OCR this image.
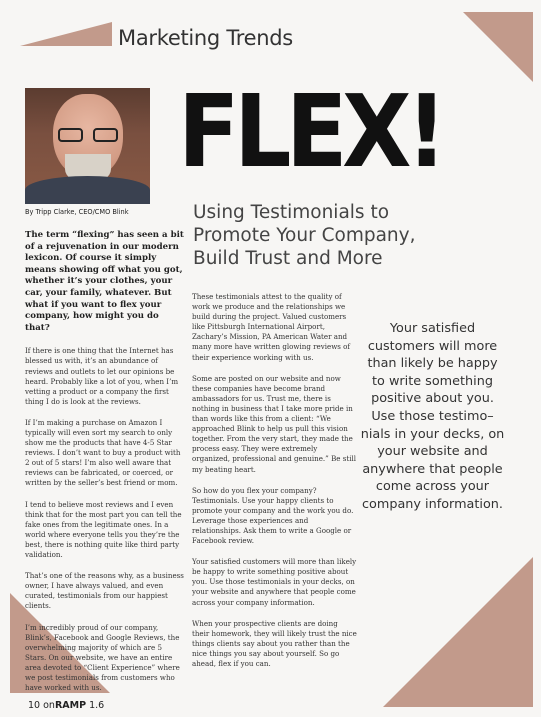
Marketing Trends
FLEX!
By Tripp Clarke, CEO/CMO Blink	Using Testimonials to
Promote Your Company,
Build Trust and More
The term “flexing” has seen a bit of a rejuvenation in our modern lexicon. Of course it simply means showing off what you got, whether it’s your clothes, your car, your family, whatever. But what if you want to flex your company, how might you do that?

If there is one thing that the Internet has blessed us with, it’s an abundance of reviews and outlets to let our opinions be heard. Probably like a lot of you, when I’m vetting a product or a company the first thing I do is look at the reviews.

If I’m making a purchase on Amazon I typically will even sort my search to only show me the products that have 4-5 Star reviews. I don’t want to buy a product with 2 out of 5 stars! I’m also well aware that reviews can be fabricated, or coerced, or written by the seller’s best friend or mom.

I tend to believe most reviews and I even think that for the most part you can tell the fake ones from the legitimate ones. In a world where everyone tells you they’re the best, there is nothing quite like third party validation.

That’s one of the reasons why, as a business owner, I have always valued, and even curated, testimonials from our happiest clients.

I’m incredibly proud of our company, Blink’s, Facebook and Google Reviews, the overwhelming majority of which are 5 Stars. On our website, we have an entire area devoted to “Client Experience” where we post testimonials from customers who have worked with us.

These testimonials attest to the quality of work we produce and the relationships we build during the project. Valued customers like Pittsburgh International Airport, Zachary’s Mission, PA American Water and many more have written glowing reviews of their experience working with us.

Some are posted on our website and now these companies have become brand ambassadors for us. Trust me, there is nothing in business that I take more pride in than words like this from a client: “We approached Blink to help us pull this vision together. From the very start, they made the process easy. They were extremely organized, professional and genuine.” Be still my beating heart.

So how do you flex your company? Testimonials. Use your happy clients to promote your company and the work you do. Leverage those experiences and relationships. Ask them to write a Google or Facebook review.

Your satisfied customers will more than likely be happy to write something positive about you. Use those testimonials in your decks, on your website and anywhere that people come across your company information.

When your prospective clients are doing their homework, they will likely trust the nice things clients say about you rather than the nice things you say about yourself. So go ahead, flex if you can.

Your satisfied customers will more than likely be happy to write something positive about you. Use those testimo–nials in your decks, on your website and anywhere that people come across your company information.
10 onRAMP 1.6
